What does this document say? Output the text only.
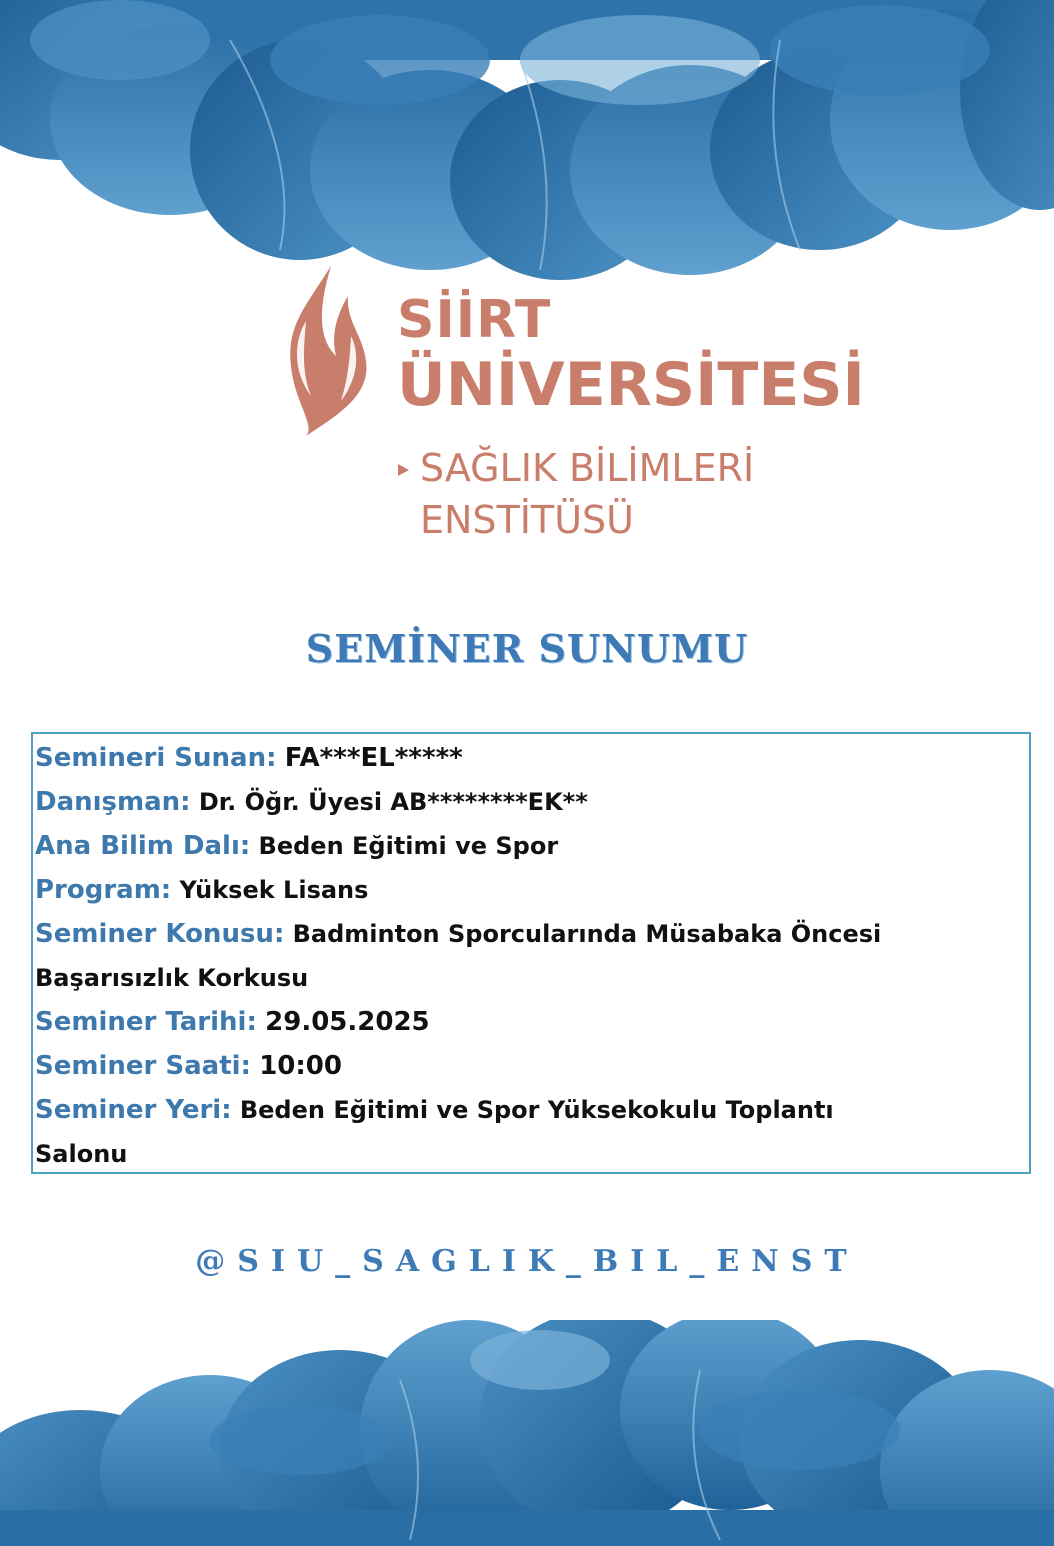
SİİRT
ÜNİVERSİTESİ
SAĞLIK BİLİMLERİ
ENSTİTÜSÜ
SEMİNER SUNUMU
Semineri Sunan: FA***EL*****
Danışman: Dr. Öğr. Üyesi AB********EK**
Ana Bilim Dalı: Beden Eğitimi ve Spor
Program: Yüksek Lisans
Seminer Konusu: Badminton Sporcularında Müsabaka Öncesi
Başarısızlık Korkusu
Seminer Tarihi: 29.05.2025
Seminer Saati: 10:00
Seminer Yeri: Beden Eğitimi ve Spor Yüksekokulu Toplantı
Salonu
@SIU_SAGLIK_BIL_ENST
